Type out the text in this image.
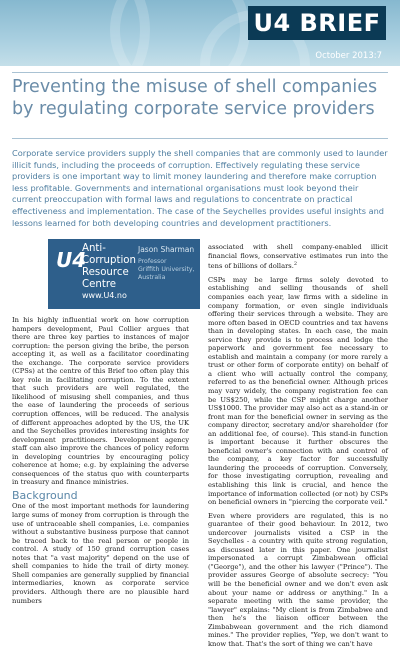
U4 BRIEF
October 2013:7
Preventing the misuse of shell companies by regulating corporate service providers

Corporate service providers supply the shell companies that are commonly used to launder illicit funds, including the proceeds of corruption. Effectively regulating these service providers is one important way to limit money laundering and therefore make corruption less profitable. Governments and international organisations must look beyond their current preoccupation with formal laws and regulations to concentrate on practical effectiveness and implementation. The case of the Seychelles provides useful insights and lessons learned for both developing countries and development practitioners.

U4
Anti-
Corruption
Resource
Centre
www.U4.no
Jason Sharman
Professor
Griffith University,
Australia

In his highly influential work on how corruption hampers development, Paul Collier argues that there are three key parties to instances of major corruption: the person giving the bribe, the person accepting it, as well as a facilitator coordinating the exchange. The corporate service providers (CPSs) at the centre of this Brief too often play this key role in facilitating corruption. To the extent that such providers are well regulated, the likelihood of misusing shell companies, and thus the ease of laundering the proceeds of serious corruption offences, will be reduced. The analysis of different approaches adopted by the US, the UK and the Seychelles provides interesting insights for development practitioners. Development agency staff can also improve the chances of policy reform in developing countries by encouraging policy coherence at home; e.g. by explaining the adverse consequences of the status quo with counterparts in treasury and finance ministries.

Background

One of the most important methods for laundering large sums of money from corruption is through the use of untraceable shell companies, i.e. companies without a substantive business purpose that cannot be traced back to the real person or people in control. A study of 150 grand corruption cases notes that "a vast majority" depend on the use of shell companies to hide the trail of dirty money. Shell companies are generally supplied by financial intermediaries, known as corporate service providers. Although there are no plausible hard numbers

associated with shell company-enabled illicit financial flows, conservative estimates run into the tens of billions of dollars.$^2$

CSPs may be large firms solely devoted to establishing and selling thousands of shell companies each year, law firms with a sideline in company formation, or even single individuals offering their services through a website. They are more often based in OECD countries and tax havens than in developing states. In each case, the main service they provide is to process and lodge the paperwork and government fee necessary to establish and maintain a company (or more rarely a trust or other form of corporate entity) on behalf of a client who will actually control the company, referred to as the beneficial owner. Although prices may vary widely, the company registration fee can be US$250, while the CSP might charge another US$1000. The provider may also act as a stand-in or front man for the beneficial owner in serving as the company director, secretary and/or shareholder (for an additional fee, of course). This stand-in function is important because it further obscures the beneficial owner's connection with and control of the company, a key factor for successfully laundering the proceeds of corruption. Conversely, for those investigating corruption, revealing and establishing this link is crucial, and hence the importance of information collected (or not) by CSPs on beneficial owners in "piercing the corporate veil."

Even where providers are regulated, this is no guarantee of their good behaviour. In 2012, two undercover journalists visited a CSP in the Seychelles - a country with quite strong regulation, as discussed later in this paper. One journalist impersonated a corrupt Zimbabwean official ("George"), and the other his lawyer ("Prince"). The provider assures George of absolute secrecy: "You will be the beneficial owner and we don't even ask about your name or address or anything." In a separate meeting with the same provider, the "lawyer" explains: "My client is from Zimbabwe and then he's the liaison officer between the Zimbabwean government and the rich diamond mines." The provider replies, "Yep, we don't want to know that. That's the sort of thing we can't have
